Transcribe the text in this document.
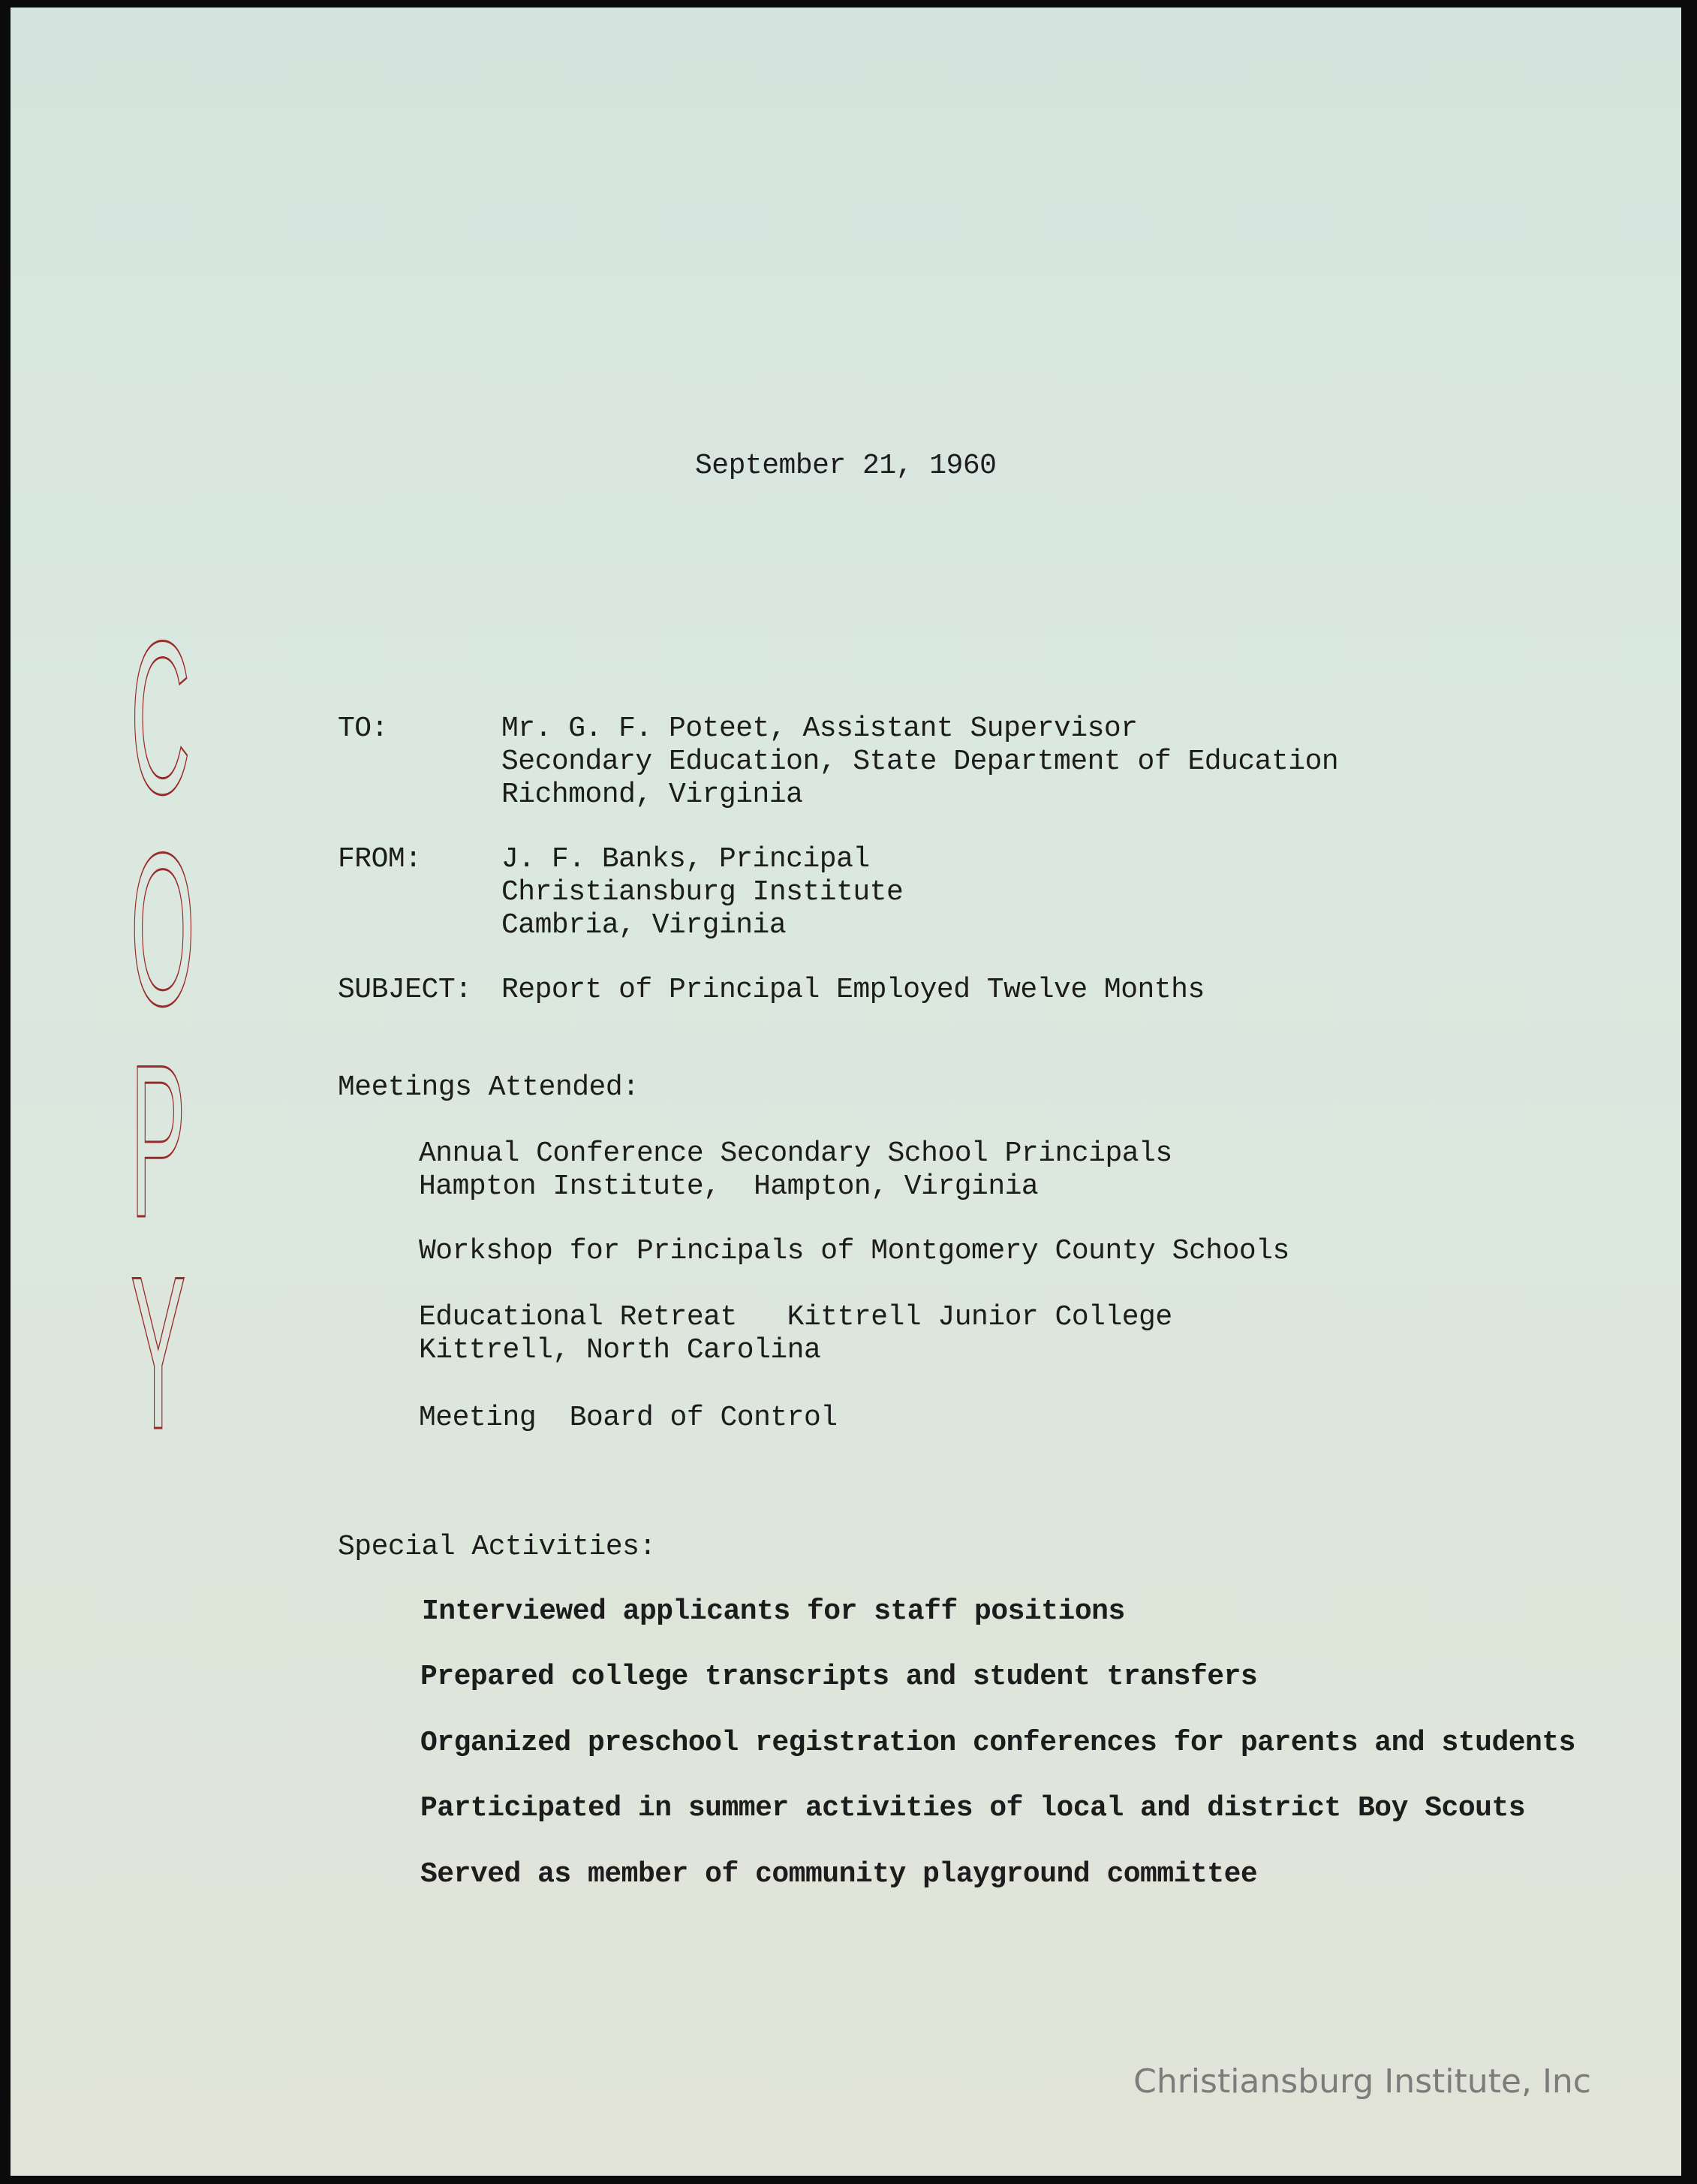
September 21, 1960
C
O
P
Y
TO:	Mr. G. F. Poteet, Assistant Supervisor
Secondary Education, State Department of Education
Richmond, Virginia
FROM:	J. F. Banks, Principal
Christiansburg Institute
Cambria, Virginia
SUBJECT: Report of Principal Employed Twelve Months
Meetings Attended:
Annual Conference Secondary School Principals
Hampton Institute,  Hampton, Virginia
Workshop for Principals of Montgomery County Schools
Educational Retreat   Kittrell Junior College
Kittrell, North Carolina
Meeting  Board of Control
Special Activities:
Interviewed applicants for staff positions
Prepared college transcripts and student transfers
Organized preschool registration conferences for parents and students
Participated in summer activities of local and district Boy Scouts
Served as member of community playground committee
Christiansburg Institute, Inc
